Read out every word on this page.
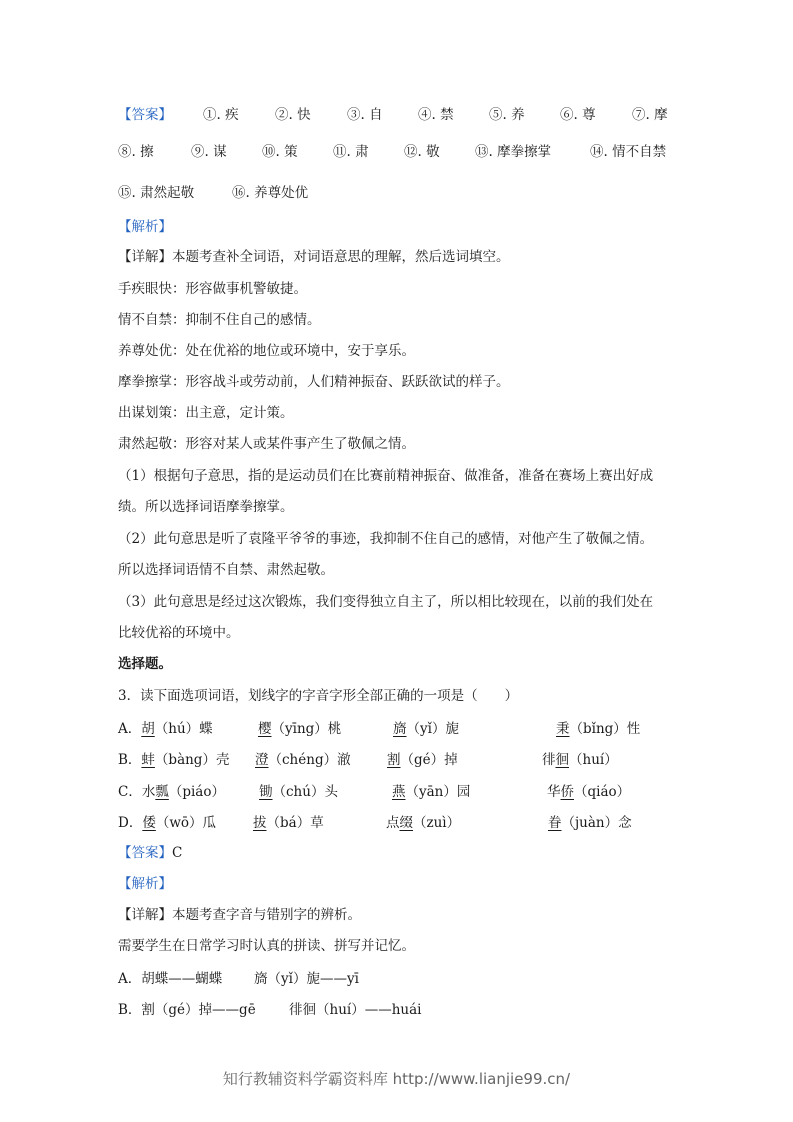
【答案】 ①. 疾	②. 快	③. 自	④. 禁	⑤. 养	⑥. 尊	⑦. 摩
⑧. 擦	⑨. 谋	⑩. 策	⑪. 肃	⑫. 敬	⑬. 摩拳擦掌	⑭. 情不自禁
⑮. 肃然起敬	⑯. 养尊处优
【解析】
【详解】本题考查补全词语，对词语意思的理解，然后选词填空。
手疾眼快：形容做事机警敏捷。
情不自禁：抑制不住自己的感情。
养尊处优：处在优裕的地位或环境中，安于享乐。
摩拳擦掌：形容战斗或劳动前，人们精神振奋、跃跃欲试的样子。
出谋划策：出主意，定计策。
肃然起敬：形容对某人或某件事产生了敬佩之情。
（1）根据句子意思，指的是运动员们在比赛前精神振奋、做准备，准备在赛场上赛出好成
绩。所以选择词语摩拳擦掌。
（2）此句意思是听了袁隆平爷爷的事迹，我抑制不住自己的感情，对他产生了敬佩之情。
所以选择词语情不自禁、肃然起敬。
（3）此句意思是经过这次锻炼，我们变得独立自主了，所以相比较现在，以前的我们处在
比较优裕的环境中。
选择题。
3．读下面选项词语，划线字的字音字形全部正确的一项是（　　）
A．胡（hú）蝶	樱（yīng）桃	旖（yǐ）旎	秉（bǐng）性
B．蚌（bàng）壳 澄（chéng）澈	割（gé）掉	徘徊（huí）
C．水瓢（piáo）	锄（chú）头	燕（yān）园	华侨（qiáo）
D．倭（wō）瓜	拔（bá）草	点缀（zuì）	眷（juàn）念
【答案】C
【解析】
【详解】本题考查字音与错别字的辨析。
需要学生在日常学习时认真的拼读、拼写并记忆。
A．胡蝶——蝴蝶 旖（yǐ）旎——yī
B．割（gé）掉——gē 徘徊（huí）——huái
知行教辅资料学霸资料库 http://www.lianjie99.cn/
